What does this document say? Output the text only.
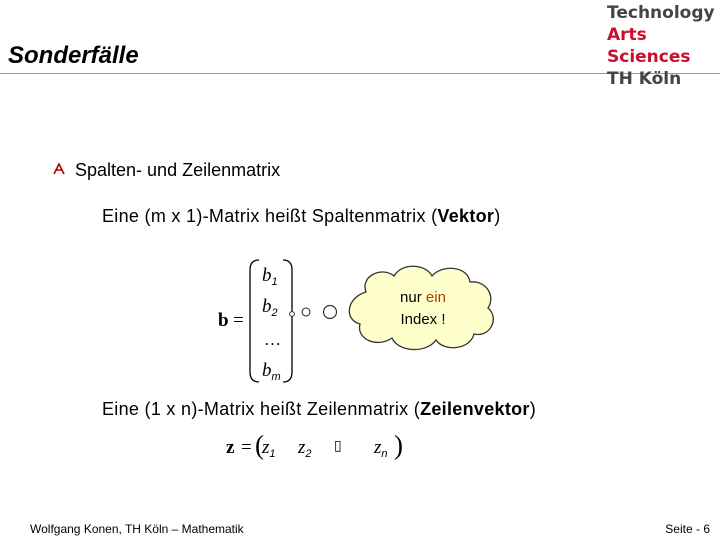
Sonderfälle
Technology
Arts Sciences
TH Köln
Spalten- und Zeilenmatrix
Eine (m x 1)-Matrix heißt Spaltenmatrix (Vektor)
b =
$b_1$
$b_2$
…
$b_m$
nur ein
Index !
Eine (1 x n)-Matrix heißt Zeilenmatrix (Zeilenvektor)
z = (
$z_1$ $z_2$ ▯ $z_n$ )
Wolfgang Konen, TH Köln – Mathematik	Seite - 6
